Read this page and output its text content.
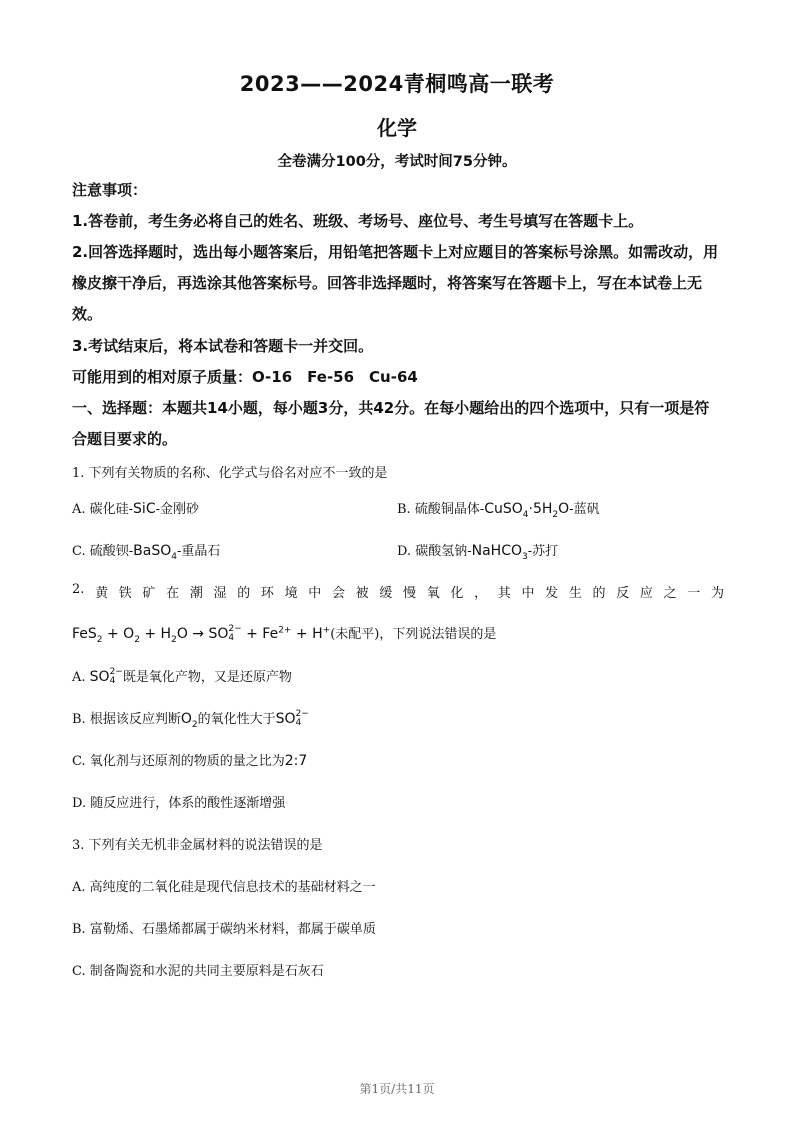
2023——2024青桐鸣高一联考
化学
全卷满分100分，考试时间75分钟。
注意事项：
1.答卷前，考生务必将自己的姓名、班级、考场号、座位号、考生号填写在答题卡上。
2.回答选择题时，选出每小题答案后，用铅笔把答题卡上对应题目的答案标号涂黑。如需改动，用橡皮擦干净后，再选涂其他答案标号。回答非选择题时，将答案写在答题卡上，写在本试卷上无效。
3.考试结束后，将本试卷和答题卡一并交回。
可能用到的相对原子质量：O-16　Fe-56　Cu-64
一、选择题：本题共14小题，每小题3分，共42分。在每小题给出的四个选项中，只有一项是符合题目要求的。
1. 下列有关物质的名称、化学式与俗名对应不一致的是
A. 碳化硅-SiC-金刚砂	B. 硫酸铜晶体$-CuSO_4\cdot 5H_2O-$蓝矾
C. 硫酸钡-BaSO$_4$-重晶石	D. 碳酸氢钠-NaHCO$_3$-苏打
2. 黄 铁 矿 在 潮 湿 的 环 境 中 会 被 缓 慢 氧 化 ， 其 中 发 生 的 反 应 之 一 为
$FeS_2 + O_2 + H_2O$ → SO 2−
$4 + Fe^{2+} + H^+$(未配平)，下列说法错误的是
A. SO 2−
4 既是氧化产物，又是还原产物
B. 根据该反应判断$O_2$的氧化性大于SO 2−
4
C. 氧化剂与还原剂的物质的量之比为2:7
D. 随反应进行，体系的酸性逐渐增强
3. 下列有关无机非金属材料的说法错误的是
A. 高纯度的二氧化硅是现代信息技术的基础材料之一
B. 富勒烯、石墨烯都属于碳纳米材料，都属于碳单质
C. 制备陶瓷和水泥的共同主要原料是石灰石
第1页/共11页
